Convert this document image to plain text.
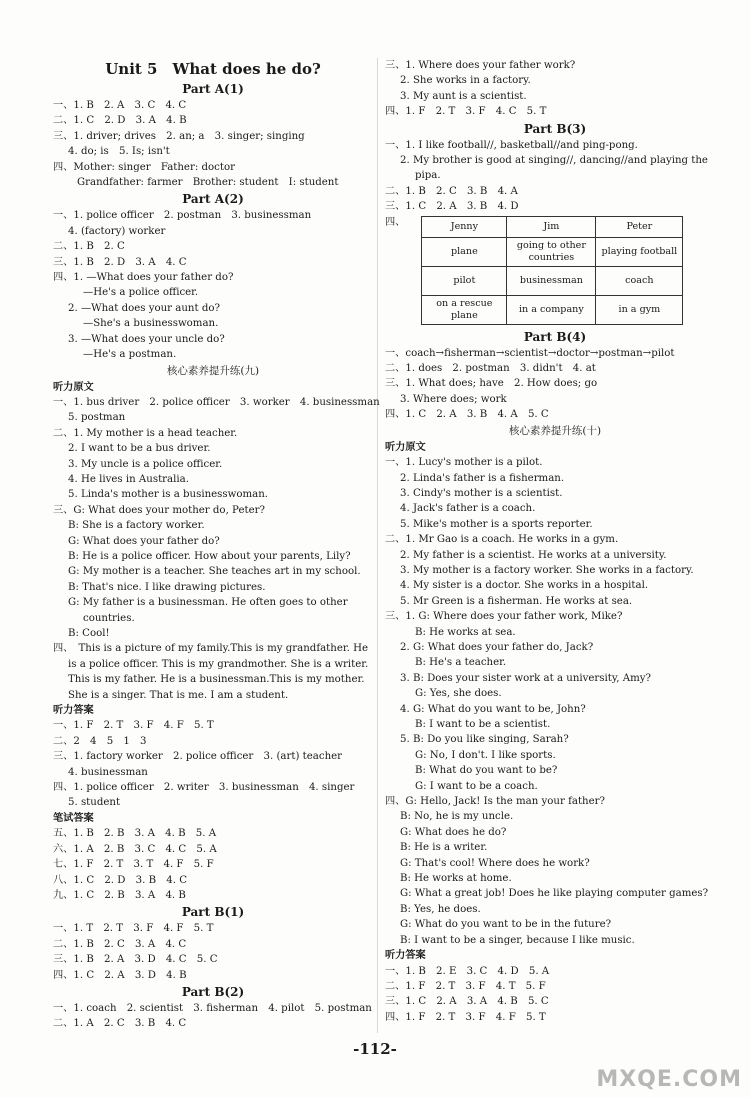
Unit 5　What does he do?
Part A(1)
一、1. B　2. A　3. C　4. C
二、1. C　2. D　3. A　4. B
三、1. driver; drives　2. an; a　3. singer; singing
4. do; is　5. Is; isn't
四、Mother: singer　Father: doctor
Grandfather: farmer　Brother: student　I: student
Part A(2)
一、1. police officer　2. postman　3. businessman
4. (factory) worker
二、1. B　2. C
三、1. B　2. D　3. A　4. C
四、1. —What does your father do?
—He's a police officer.
2. —What does your aunt do?
—She's a businesswoman.
3. —What does your uncle do?
—He's a postman.
核心素养提升练(九)
听力原文
一、1. bus driver　2. police officer　3. worker　4. businessman
5. postman
二、1. My mother is a head teacher.
2. I want to be a bus driver.
3. My uncle is a police officer.
4. He lives in Australia.
5. Linda's mother is a businesswoman.
三、G: What does your mother do, Peter?
B: She is a factory worker.
G: What does your father do?
B: He is a police officer. How about your parents, Lily?
G: My mother is a teacher. She teaches art in my school.
B: That's nice. I like drawing pictures.
G: My father is a businessman. He often goes to other
countries.
B: Cool!
四、　This is a picture of my family.This is my grandfather. He
is a police officer. This is my grandmother. She is a writer.
This is my father. He is a businessman.This is my mother.
She is a singer. That is me. I am a student.
听力答案
一、1. F　2. T　3. F　4. F　5. T
二、2　4　5　1　3
三、1. factory worker　2. police officer　3. (art) teacher
4. businessman
四、1. police officer　2. writer　3. businessman　4. singer
5. student
笔试答案
五、1. B　2. B　3. A　4. B　5. A
六、1. A　2. B　3. C　4. C　5. A
七、1. F　2. T　3. T　4. F　5. F
八、1. C　2. D　3. B　4. C
九、1. C　2. B　3. A　4. B
Part B(1)
一、1. T　2. T　3. F　4. F　5. T
二、1. B　2. C　3. A　4. C
三、1. B　2. A　3. D　4. C　5. C
四、1. C　2. A　3. D　4. B
Part B(2)
一、1. coach　2. scientist　3. fisherman　4. pilot　5. postman
二、1. A　2. C　3. B　4. C
三、1. Where does your father work?
2. She works in a factory.
3. My aunt is a scientist.
四、1. F　2. T　3. F　4. C　5. T
Part B(3)
一、1. I like football//, basketball//and ping-pong.
2. My brother is good at singing//, dancing//and playing the
pipa.
二、1. B　2. C　3. B　4. A
三、1. C　2. A　3. B　4. D
四、	Jenny	Jim	Peter
plane	going to other countries	playing football
pilot	businessman	coach
on a rescue plane	in a company	in a gym
Part B(4)
一、coach→fisherman→scientist→doctor→postman→pilot
二、1. does　2. postman　3. didn't　4. at
三、1. What does; have　2. How does; go
3. Where does; work
四、1. C　2. A　3. B　4. A　5. C
核心素养提升练(十)
听力原文
一、1. Lucy's mother is a pilot.
2. Linda's father is a fisherman.
3. Cindy's mother is a scientist.
4. Jack's father is a coach.
5. Mike's mother is a sports reporter.
二、1. Mr Gao is a coach. He works in a gym.
2. My father is a scientist. He works at a university.
3. My mother is a factory worker. She works in a factory.
4. My sister is a doctor. She works in a hospital.
5. Mr Green is a fisherman. He works at sea.
三、1. G: Where does your father work, Mike?
B: He works at sea.
2. G: What does your father do, Jack?
B: He's a teacher.
3. B: Does your sister work at a university, Amy?
G: Yes, she does.
4. G: What do you want to be, John?
B: I want to be a scientist.
5. B: Do you like singing, Sarah?
G: No, I don't. I like sports.
B: What do you want to be?
G: I want to be a coach.
四、G: Hello, Jack! Is the man your father?
B: No, he is my uncle.
G: What does he do?
B: He is a writer.
G: That's cool! Where does he work?
B: He works at home.
G: What a great job! Does he like playing computer games?
B: Yes, he does.
G: What do you want to be in the future?
B: I want to be a singer, because I like music.
听力答案
一、1. B　2. E　3. C　4. D　5. A
二、1. F　2. T　3. F　4. T　5. F
三、1. C　2. A　3. A　4. B　5. C
四、1. F　2. T　3. F　4. F　5. T
-112-
MXQE.COM
